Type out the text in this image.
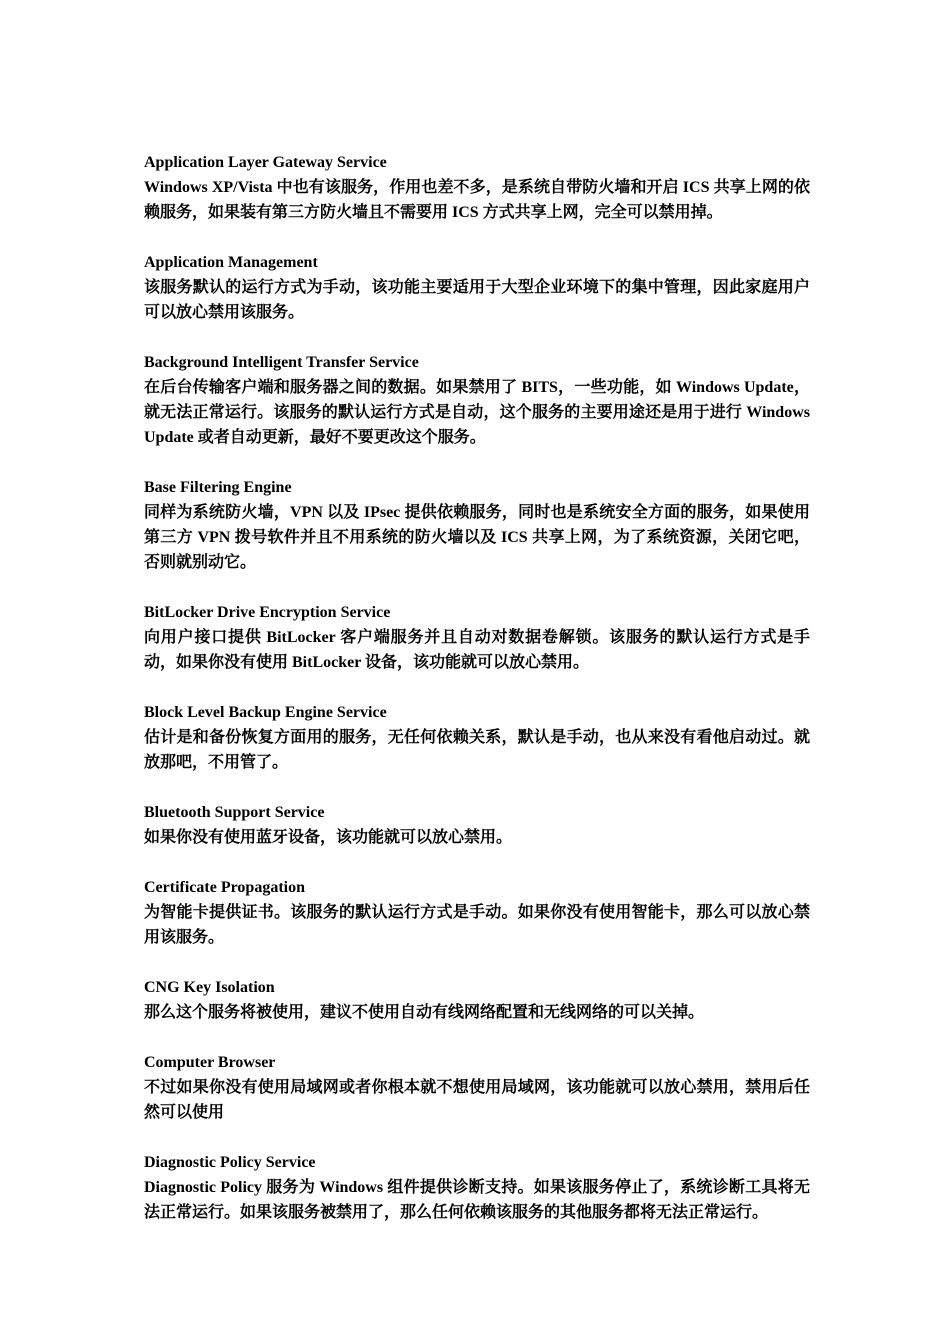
Application Layer Gateway Service
Windows XP/Vista 中也有该服务，作用也差不多，是系统自带防火墙和开启 ICS 共享上网的依赖服务，如果装有第三方防火墙且不需要用 ICS 方式共享上网，完全可以禁用掉。
Application Management
该服务默认的运行方式为手动，该功能主要适用于大型企业环境下的集中管理，因此家庭用户可以放心禁用该服务。
Background Intelligent Transfer Service
在后台传输客户端和服务器之间的数据。如果禁用了 BITS，一些功能，如 Windows Update，就无法正常运行。该服务的默认运行方式是自动，这个服务的主要用途还是用于进行 Windows Update 或者自动更新，最好不要更改这个服务。
Base Filtering Engine
同样为系统防火墙，VPN 以及 IPsec 提供依赖服务，同时也是系统安全方面的服务，如果使用第三方 VPN 拨号软件并且不用系统的防火墙以及 ICS 共享上网，为了系统资源，关闭它吧，否则就别动它。
BitLocker Drive Encryption Service
向用户接口提供 BitLocker 客户端服务并且自动对数据卷解锁。该服务的默认运行方式是手动，如果你没有使用 BitLocker 设备，该功能就可以放心禁用。
Block Level Backup Engine Service
估计是和备份恢复方面用的服务，无任何依赖关系，默认是手动，也从来没有看他启动过。就放那吧，不用管了。
Bluetooth Support Service
如果你没有使用蓝牙设备，该功能就可以放心禁用。
Certificate Propagation
为智能卡提供证书。该服务的默认运行方式是手动。如果你没有使用智能卡，那么可以放心禁用该服务。
CNG Key Isolation
那么这个服务将被使用，建议不使用自动有线网络配置和无线网络的可以关掉。
Computer Browser
不过如果你没有使用局域网或者你根本就不想使用局域网，该功能就可以放心禁用，禁用后任然可以使用
Diagnostic Policy Service
Diagnostic Policy 服务为 Windows 组件提供诊断支持。如果该服务停止了，系统诊断工具将无法正常运行。如果该服务被禁用了，那么任何依赖该服务的其他服务都将无法正常运行。
